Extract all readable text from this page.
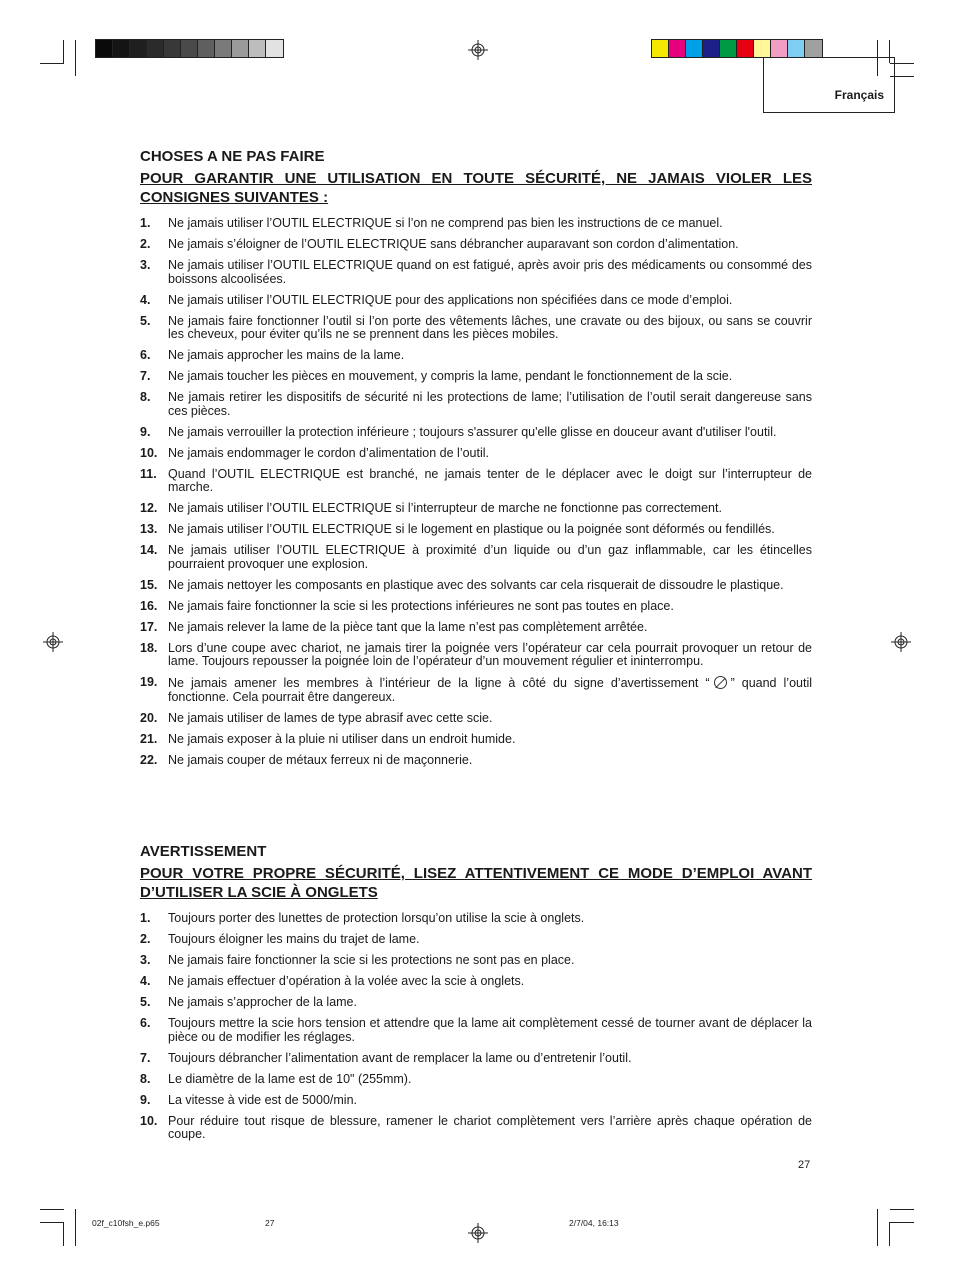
Français

CHOSES A NE PAS FAIRE

POUR GARANTIR UNE UTILISATION EN TOUTE SÉCURITÉ, NE JAMAIS VIOLER LES CONSIGNES SUIVANTES :

1. Ne jamais utiliser l’OUTIL ELECTRIQUE si l’on ne comprend pas bien les instructions de ce manuel.
2. Ne jamais s’éloigner de l’OUTIL ELECTRIQUE sans débrancher auparavant son cordon d’alimentation.
3. Ne jamais utiliser l’OUTIL ELECTRIQUE quand on est fatigué, après avoir pris des médicaments ou consommé des boissons alcoolisées.
4. Ne jamais utiliser l’OUTIL ELECTRIQUE pour des applications non spécifiées dans ce mode d’emploi.
5. Ne jamais faire fonctionner l’outil si l’on porte des vêtements lâches, une cravate ou des bijoux, ou sans se couvrir les cheveux, pour éviter qu’ils ne se prennent dans les pièces mobiles.
6. Ne jamais approcher les mains de la lame.
7. Ne jamais toucher les pièces en mouvement, y compris la lame, pendant le fonctionnement de la scie.
8. Ne jamais retirer les dispositifs de sécurité ni les protections de lame; l’utilisation de l’outil serait dangereuse sans ces pièces.
9. Ne jamais verrouiller la protection inférieure ; toujours s'assurer qu'elle glisse en douceur avant d'utiliser l'outil.
10. Ne jamais endommager le cordon d’alimentation de l’outil.
11. Quand l’OUTIL ELECTRIQUE est branché, ne jamais tenter de le déplacer avec le doigt sur l’interrupteur de marche.
12. Ne jamais utiliser l’OUTIL ELECTRIQUE si l’interrupteur de marche ne fonctionne pas correctement.
13. Ne jamais utiliser l’OUTIL ELECTRIQUE si le logement en plastique ou la poignée sont déformés ou fendillés.
14. Ne jamais utiliser l’OUTIL ELECTRIQUE à proximité d’un liquide ou d’un gaz inflammable, car les étincelles pourraient provoquer une explosion.
15. Ne jamais nettoyer les composants en plastique avec des solvants car cela risquerait de dissoudre le plastique.
16. Ne jamais faire fonctionner la scie si les protections inférieures ne sont pas toutes en place.
17. Ne jamais relever la lame de la pièce tant que la lame n’est pas complètement arrêtée.
18. Lors d’une coupe avec chariot, ne jamais tirer la poignée vers l’opérateur car cela pourrait provoquer un retour de lame. Toujours repousser la poignée loin de l’opérateur d’un mouvement régulier et ininterrompu.
19. Ne jamais amener les membres à l’intérieur de la ligne à côté du signe d’avertissement “ ” quand l’outil fonctionne. Cela pourrait être dangereux.
20. Ne jamais utiliser de lames de type abrasif avec cette scie.
21. Ne jamais exposer à la pluie ni utiliser dans un endroit humide.
22. Ne jamais couper de métaux ferreux ni de maçonnerie.

AVERTISSEMENT

POUR VOTRE PROPRE SÉCURITÉ, LISEZ ATTENTIVEMENT CE MODE D’EMPLOI AVANT D’UTILISER LA SCIE À ONGLETS

1. Toujours porter des lunettes de protection lorsqu’on utilise la scie à onglets.
2. Toujours éloigner les mains du trajet de lame.
3. Ne jamais faire fonctionner la scie si les protections ne sont pas en place.
4. Ne jamais effectuer d’opération à la volée avec la scie à onglets.
5. Ne jamais s’approcher de la lame.
6. Toujours mettre la scie hors tension et attendre que la lame ait complètement cessé de tourner avant de déplacer la pièce ou de modifier les réglages.
7. Toujours débrancher l’alimentation avant de remplacer la lame ou d’entretenir l’outil.
8. Le diamètre de la lame est de 10" (255mm).
9. La vitesse à vide est de 5000/min.
10. Pour réduire tout risque de blessure, ramener le chariot complètement vers l’arrière après chaque opération de coupe.
27
02f_c10fsh_e.p65	27	2/7/04, 16:13
